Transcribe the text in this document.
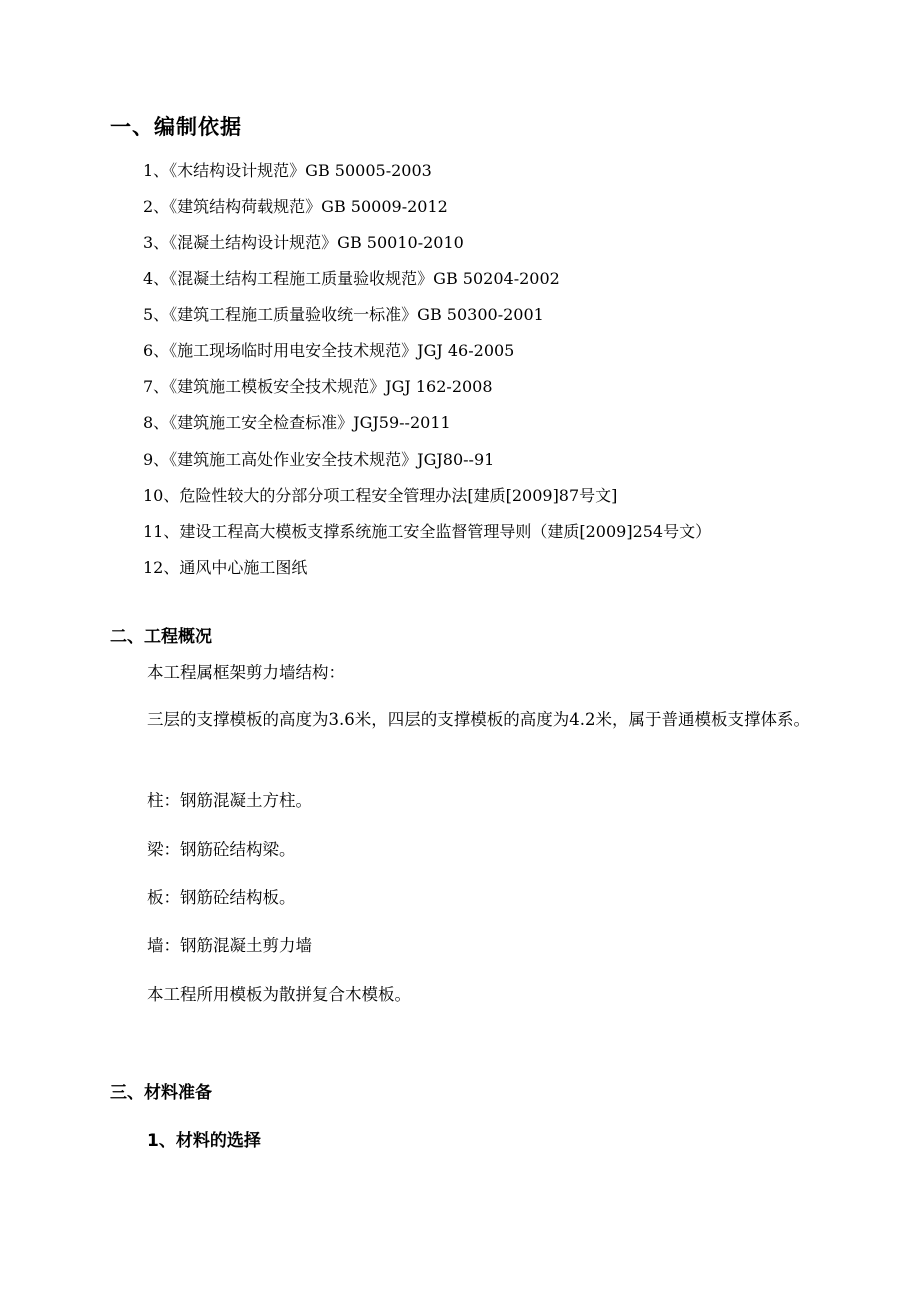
一、编制依据
1、《木结构设计规范》GB 50005-2003
2、《建筑结构荷载规范》GB 50009-2012
3、《混凝土结构设计规范》GB 50010-2010
4、《混凝土结构工程施工质量验收规范》GB 50204-2002
5、《建筑工程施工质量验收统一标准》GB 50300-2001
6、《施工现场临时用电安全技术规范》JGJ 46-2005
7、《建筑施工模板安全技术规范》JGJ 162-2008
8、《建筑施工安全检查标准》JGJ59--2011
9、《建筑施工高处作业安全技术规范》JGJ80--91
10、危险性较大的分部分项工程安全管理办法[建质[2009]87号文]
11、建设工程高大模板支撑系统施工安全监督管理导则（建质[2009]254号文）
12、通风中心施工图纸
二、工程概况
本工程属框架剪力墙结构：
三层的支撑模板的高度为3.6米，四层的支撑模板的高度为4.2米，属于普通模板支撑体系。
柱：钢筋混凝土方柱。
梁：钢筋砼结构梁。
板：钢筋砼结构板。
墙：钢筋混凝土剪力墙
本工程所用模板为散拼复合木模板。
三、材料准备
1、材料的选择
